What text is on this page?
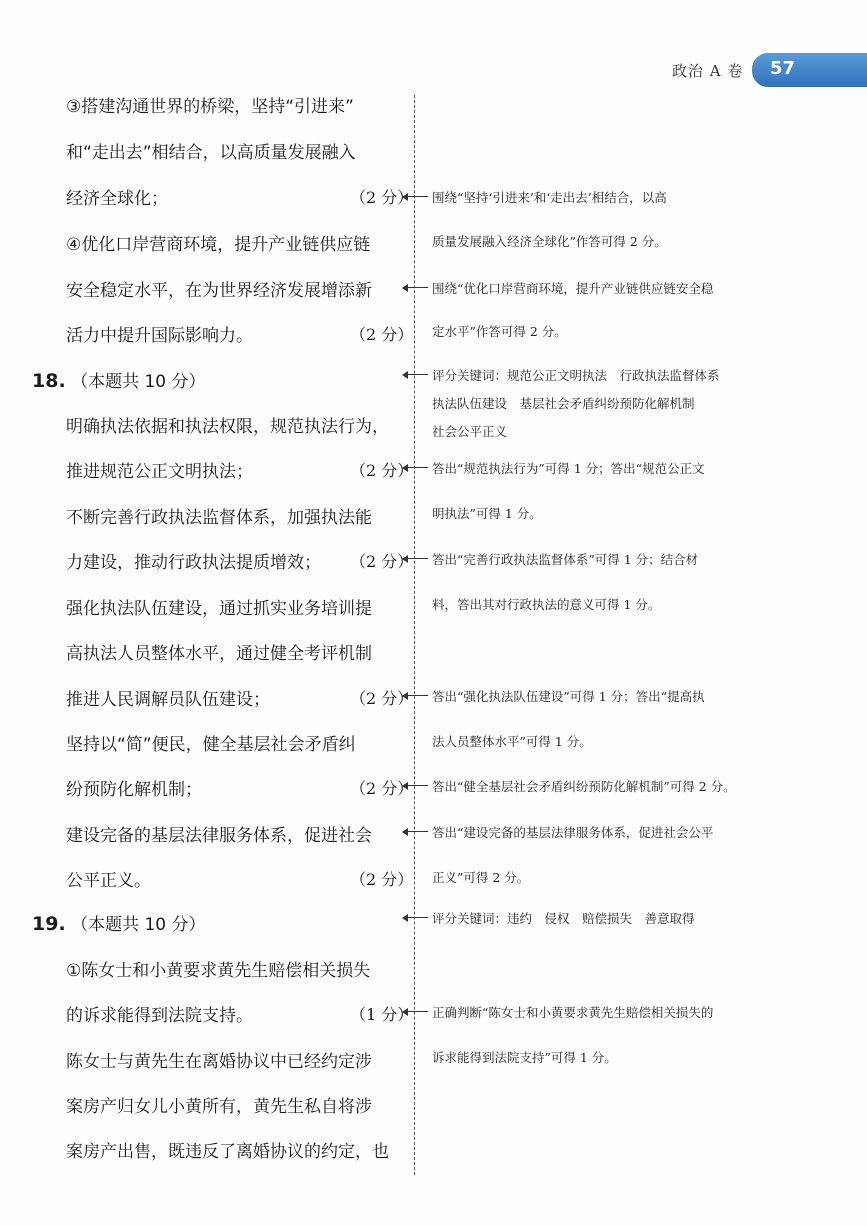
政治 A 卷 57
③搭建沟通世界的桥梁，坚持“引进来”
和“走出去”相结合，以高质量发展融入
经济全球化；	（2 分） 围绕“坚持‘引进来’和‘走出去’相结合，以高
质量发展融入经济全球化”作答可得 2 分。
④优化口岸营商环境，提升产业链供应链
安全稳定水平，在为世界经济发展增添新	围绕“优化口岸营商环境，提升产业链供应链安全稳
活力中提升国际影响力。	（2 分） 定水平”作答可得 2 分。
18. （本题共 10 分）	评分关键词：规范公正文明执法　行政执法监督体系
执法队伍建设　基层社会矛盾纠纷预防化解机制
社会公平正义
明确执法依据和执法权限，规范执法行为，
推进规范公正文明执法；	（2 分） 答出“规范执法行为”可得 1 分；答出“规范公正文
明执法”可得 1 分。
不断完善行政执法监督体系，加强执法能
力建设，推动行政执法提质增效； （2 分） 答出“完善行政执法监督体系”可得 1 分；结合材
料，答出其对行政执法的意义可得 1 分。
强化执法队伍建设，通过抓实业务培训提
高执法人员整体水平，通过健全考评机制
推进人民调解员队伍建设；	（2 分） 答出“强化执法队伍建设”可得 1 分；答出“提高执
法人员整体水平”可得 1 分。
坚持以“简”便民，健全基层社会矛盾纠
纷预防化解机制；	（2 分） 答出“健全基层社会矛盾纠纷预防化解机制”可得 2 分。
建设完备的基层法律服务体系，促进社会	答出“建设完备的基层法律服务体系，促进社会公平
公平正义。	（2 分） 正义”可得 2 分。
19. （本题共 10 分）	评分关键词：违约　侵权　赔偿损失　善意取得
①陈女士和小黄要求黄先生赔偿相关损失
的诉求能得到法院支持。	（1 分） 正确判断“陈女士和小黄要求黄先生赔偿相关损失的
诉求能得到法院支持”可得 1 分。
陈女士与黄先生在离婚协议中已经约定涉
案房产归女儿小黄所有，黄先生私自将涉
案房产出售，既违反了离婚协议的约定，也
